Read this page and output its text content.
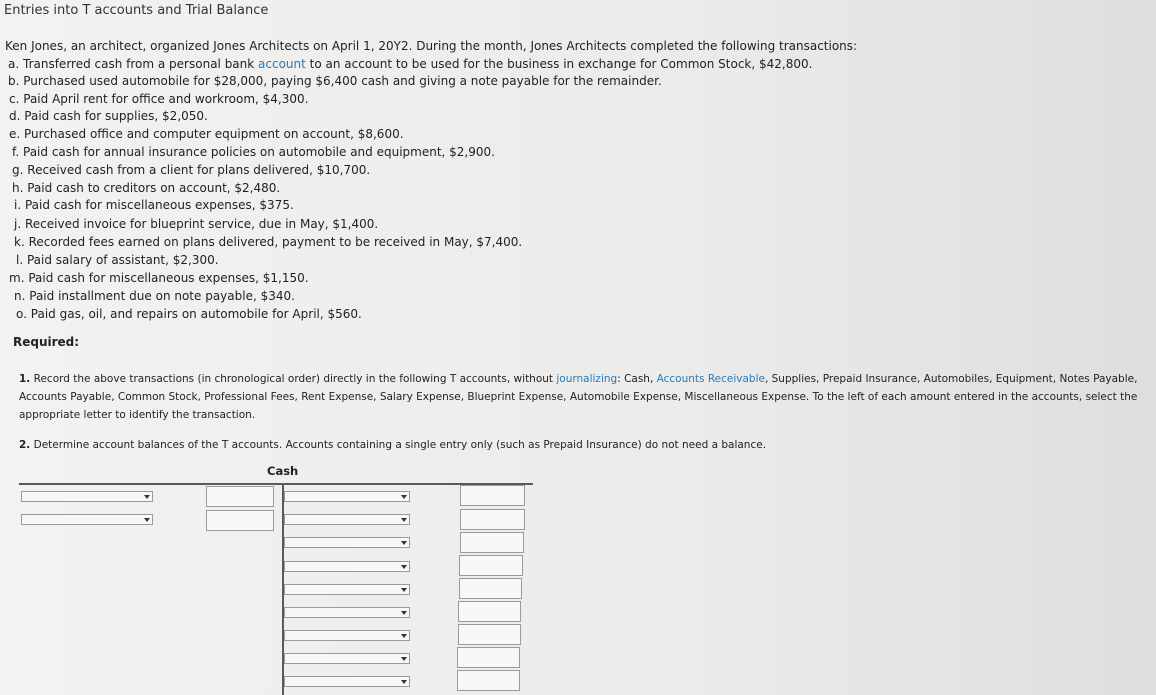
Entries into T accounts and Trial Balance
Ken Jones, an architect, organized Jones Architects on April 1, 20Y2. During the month, Jones Architects completed the following transactions:
a. Transferred cash from a personal bank account to an account to be used for the business in exchange for Common Stock, $42,800.
b. Purchased used automobile for $28,000, paying $6,400 cash and giving a note payable for the remainder.
c. Paid April rent for office and workroom, $4,300.
d. Paid cash for supplies, $2,050.
e. Purchased office and computer equipment on account, $8,600.
f. Paid cash for annual insurance policies on automobile and equipment, $2,900.
g. Received cash from a client for plans delivered, $10,700.
h. Paid cash to creditors on account, $2,480.
i. Paid cash for miscellaneous expenses, $375.
j. Received invoice for blueprint service, due in May, $1,400.
k. Recorded fees earned on plans delivered, payment to be received in May, $7,400.
l. Paid salary of assistant, $2,300.
m. Paid cash for miscellaneous expenses, $1,150.
n. Paid installment due on note payable, $340.
o. Paid gas, oil, and repairs on automobile for April, $560.
Required:
1. Record the above transactions (in chronological order) directly in the following T accounts, without journalizing: Cash, Accounts Receivable, Supplies, Prepaid Insurance, Automobiles, Equipment, Notes Payable, Accounts Payable, Common Stock, Professional Fees, Rent Expense, Salary Expense, Blueprint Expense, Automobile Expense, Miscellaneous Expense. To the left of each amount entered in the accounts, select the appropriate letter to identify the transaction.
2. Determine account balances of the T accounts. Accounts containing a single entry only (such as Prepaid Insurance) do not need a balance.
Cash
